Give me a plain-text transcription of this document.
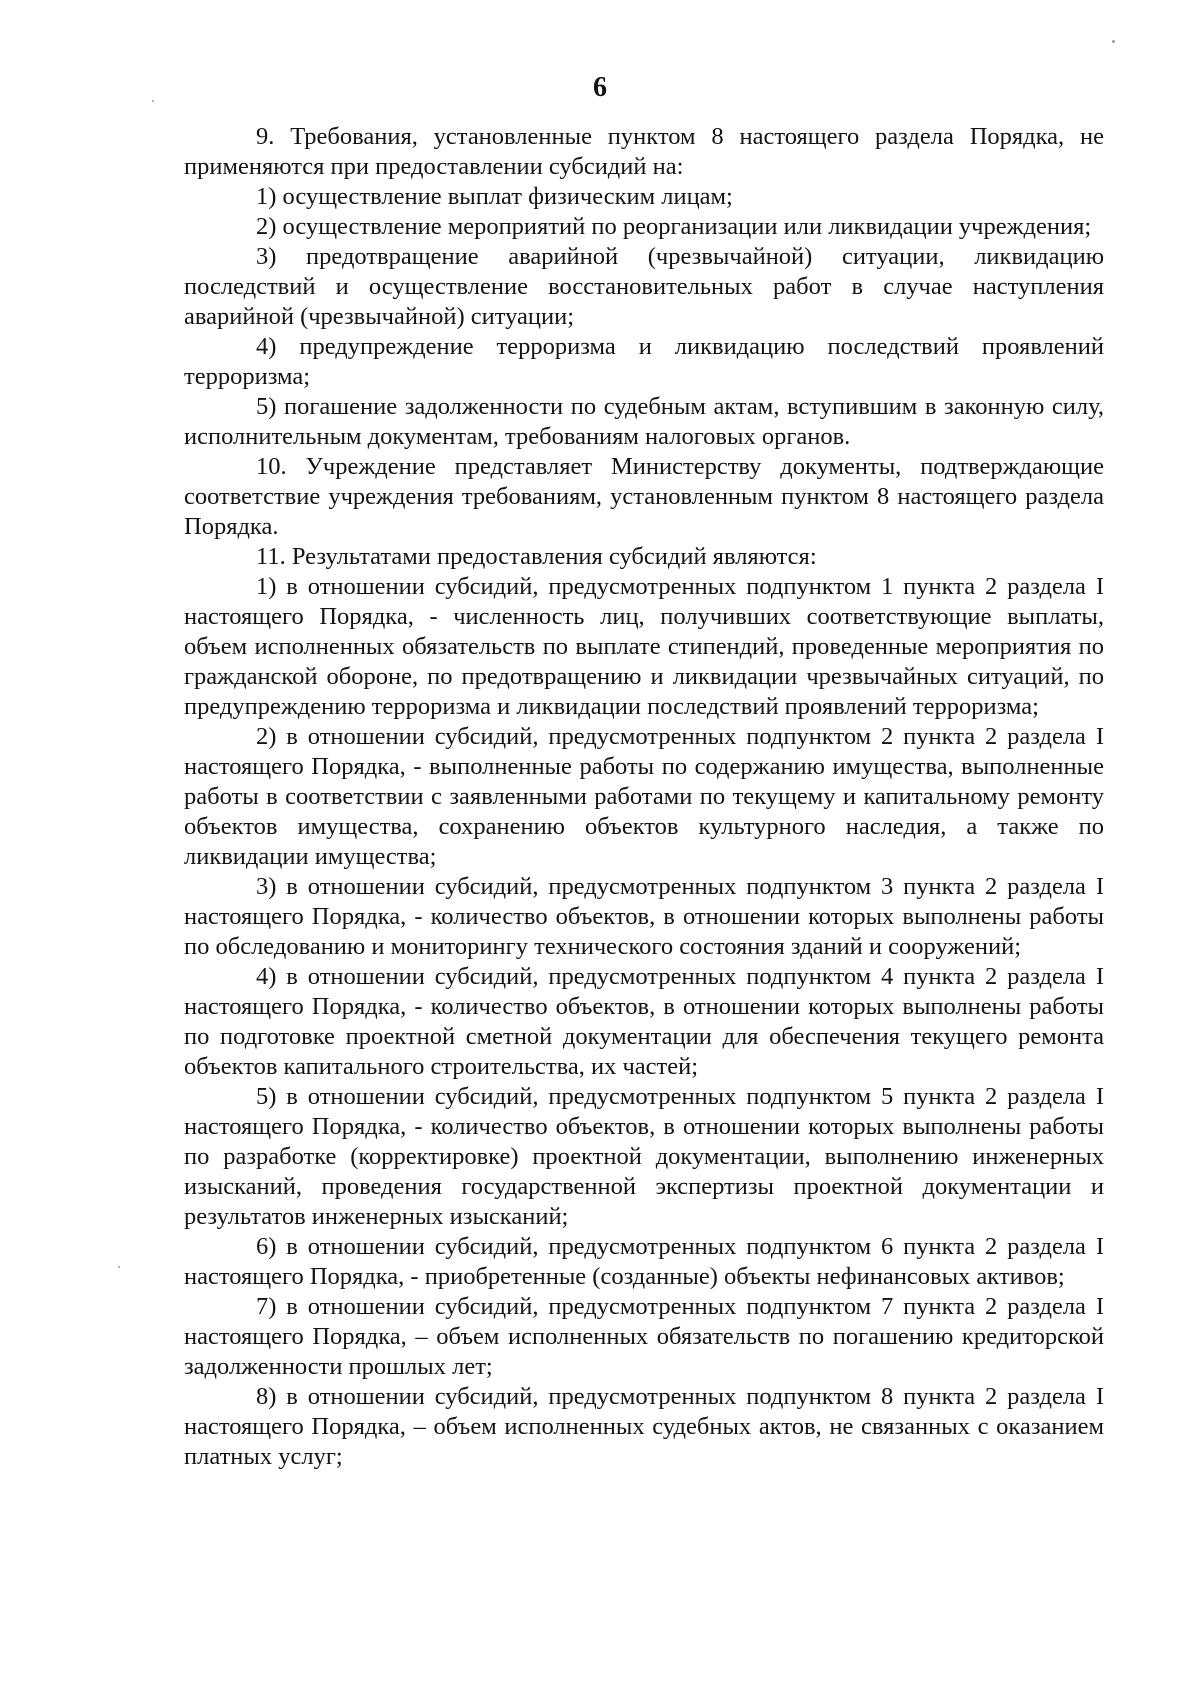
6

9. Требования, установленные пунктом 8 настоящего раздела Порядка, не применяются при предоставлении субсидий на:

1) осуществление выплат физическим лицам;

2) осуществление мероприятий по реорганизации или ликвидации учреждения;

3) предотвращение аварийной (чрезвычайной) ситуации, ликвидацию последствий и осуществление восстановительных работ в случае наступления аварийной (чрезвычайной) ситуации;

4) предупреждение терроризма и ликвидацию последствий проявлений терроризма;

5) погашение задолженности по судебным актам, вступившим в законную силу, исполнительным документам, требованиям налоговых органов.

10. Учреждение представляет Министерству документы, подтверждающие соответствие учреждения требованиям, установленным пунктом 8 настоящего раздела Порядка.

11. Результатами предоставления субсидий являются:

1) в отношении субсидий, предусмотренных подпунктом 1 пункта 2 раздела I настоящего Порядка, - численность лиц, получивших соответствующие выплаты, объем исполненных обязательств по выплате стипендий, проведенные мероприятия по гражданской обороне, по предотвращению и ликвидации чрезвычайных ситуаций, по предупреждению терроризма и ликвидации последствий проявлений терроризма;

2) в отношении субсидий, предусмотренных подпунктом 2 пункта 2 раздела I настоящего Порядка, - выполненные работы по содержанию имущества, выполненные работы в соответствии с заявленными работами по текущему и капитальному ремонту объектов имущества, сохранению объектов культурного наследия, а также по ликвидации имущества;

3) в отношении субсидий, предусмотренных подпунктом 3 пункта 2 раздела I настоящего Порядка, - количество объектов, в отношении которых выполнены работы по обследованию и мониторингу технического состояния зданий и сооружений;

4) в отношении субсидий, предусмотренных подпунктом 4 пункта 2 раздела I настоящего Порядка, - количество объектов, в отношении которых выполнены работы по подготовке проектной сметной документации для обеспечения текущего ремонта объектов капитального строительства, их частей;

5) в отношении субсидий, предусмотренных подпунктом 5 пункта 2 раздела I настоящего Порядка, - количество объектов, в отношении которых выполнены работы по разработке (корректировке) проектной документации, выполнению инженерных изысканий, проведения государственной экспертизы проектной документации и результатов инженерных изысканий;

6) в отношении субсидий, предусмотренных подпунктом 6 пункта 2 раздела I настоящего Порядка, - приобретенные (созданные) объекты нефинансовых активов;

7) в отношении субсидий, предусмотренных подпунктом 7 пункта 2 раздела I настоящего Порядка, – объем исполненных обязательств по погашению кредиторской задолженности прошлых лет;

8) в отношении субсидий, предусмотренных подпунктом 8 пункта 2 раздела I настоящего Порядка, – объем исполненных судебных актов, не связанных с оказанием платных услуг;
